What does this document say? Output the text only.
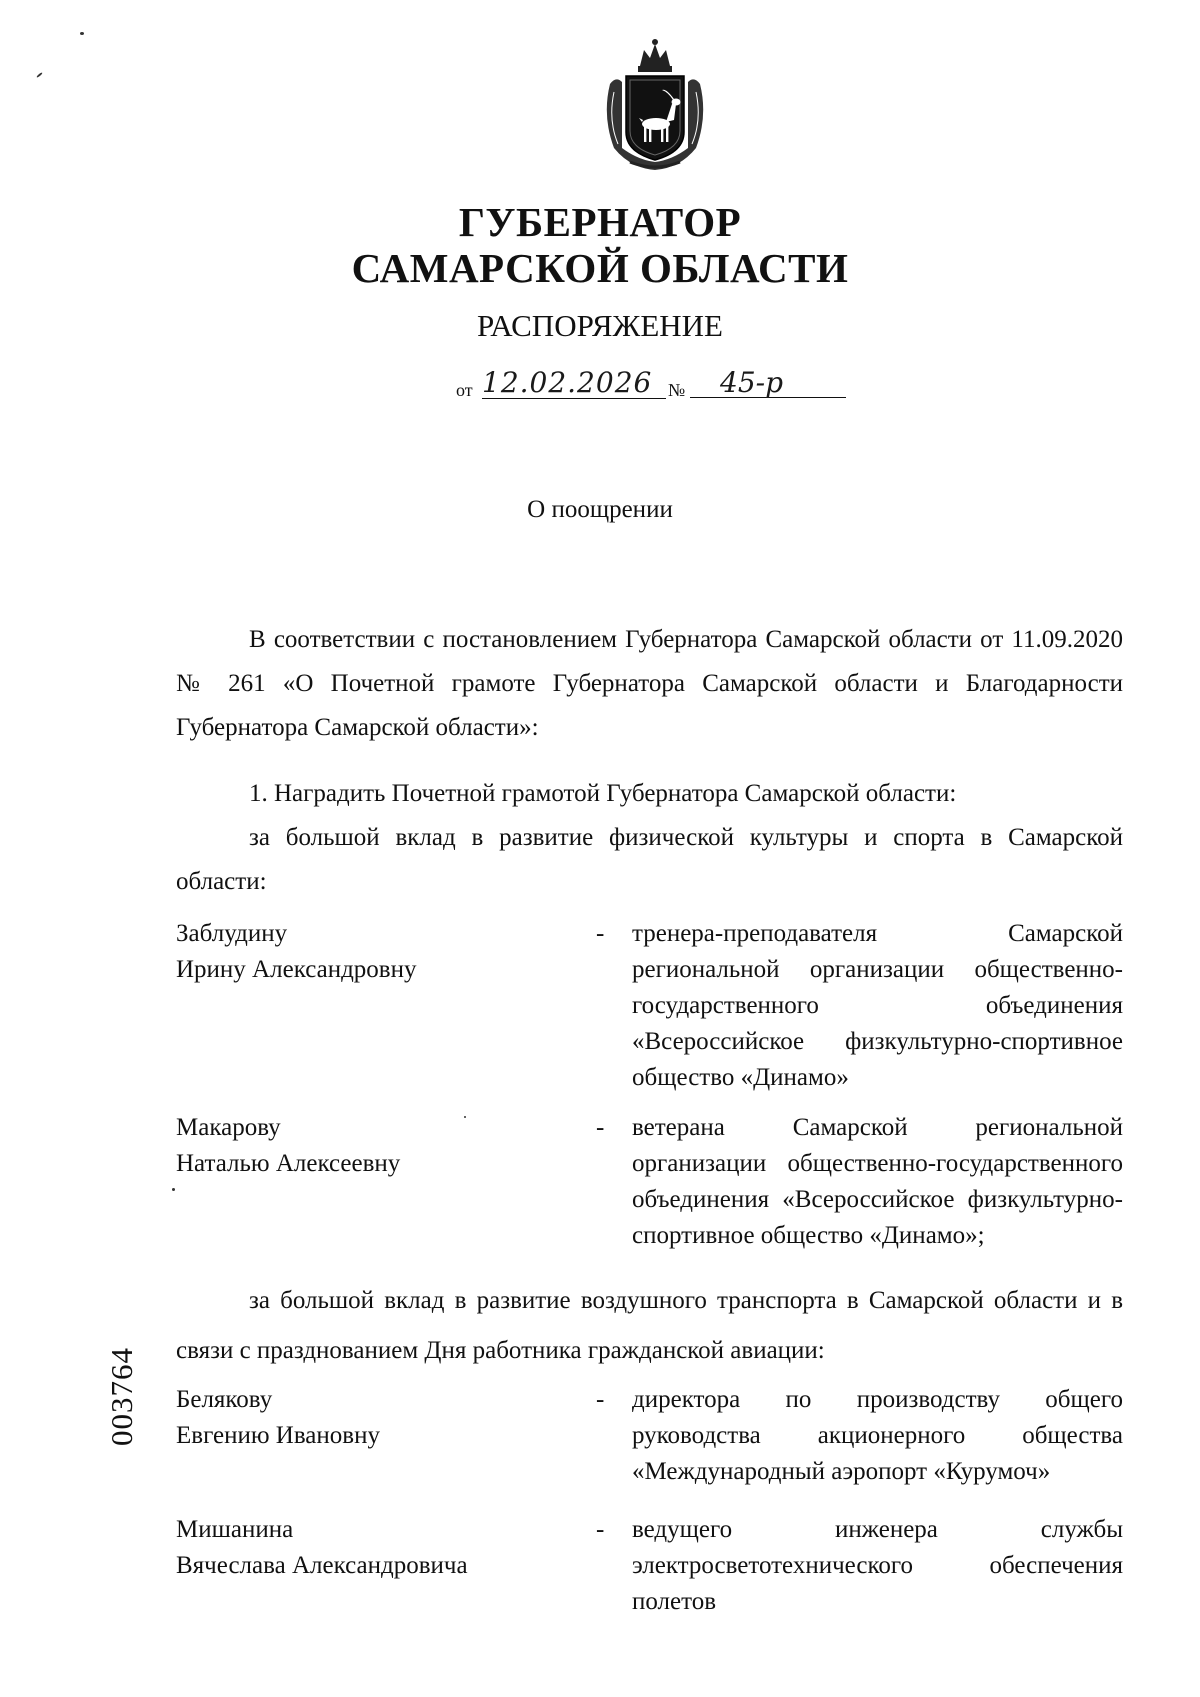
ГУБЕРНАТОР
САМАРСКОЙ ОБЛАСТИ
РАСПОРЯЖЕНИЕ
от 12.02.2026 №	45-р
О поощрении
В соответствии с постановлением Губернатора Самарской области от 11.09.2020 № 261 «О Почетной грамоте Губернатора Самарской области и Благодарности Губернатора Самарской области»:
1. Наградить Почетной грамотой Губернатора Самарской области:
за большой вклад в развитие физической культуры и спорта в Самарской области:
Заблудину
Ирину Александровну
- тренера-преподавателя Самарской региональной организации общественно-государственного объединения «Всероссийское физкультурно-спортивное общество «Динамо»
Макарову
Наталью Алексеевну
- ветерана Самарской региональной организации общественно-государственного объединения «Всероссийское физкультурно-спортивное общество «Динамо»;
за большой вклад в развитие воздушного транспорта в Самарской области и в связи с празднованием Дня работника гражданской авиации:
Белякову
Евгению Ивановну
- директора по производству общего руководства акционерного общества «Международный аэропорт «Курумоч»
Мишанина
Вячеслава Александровича
- ведущего инженера службы электросветотехнического обеспечения полетов
003764
